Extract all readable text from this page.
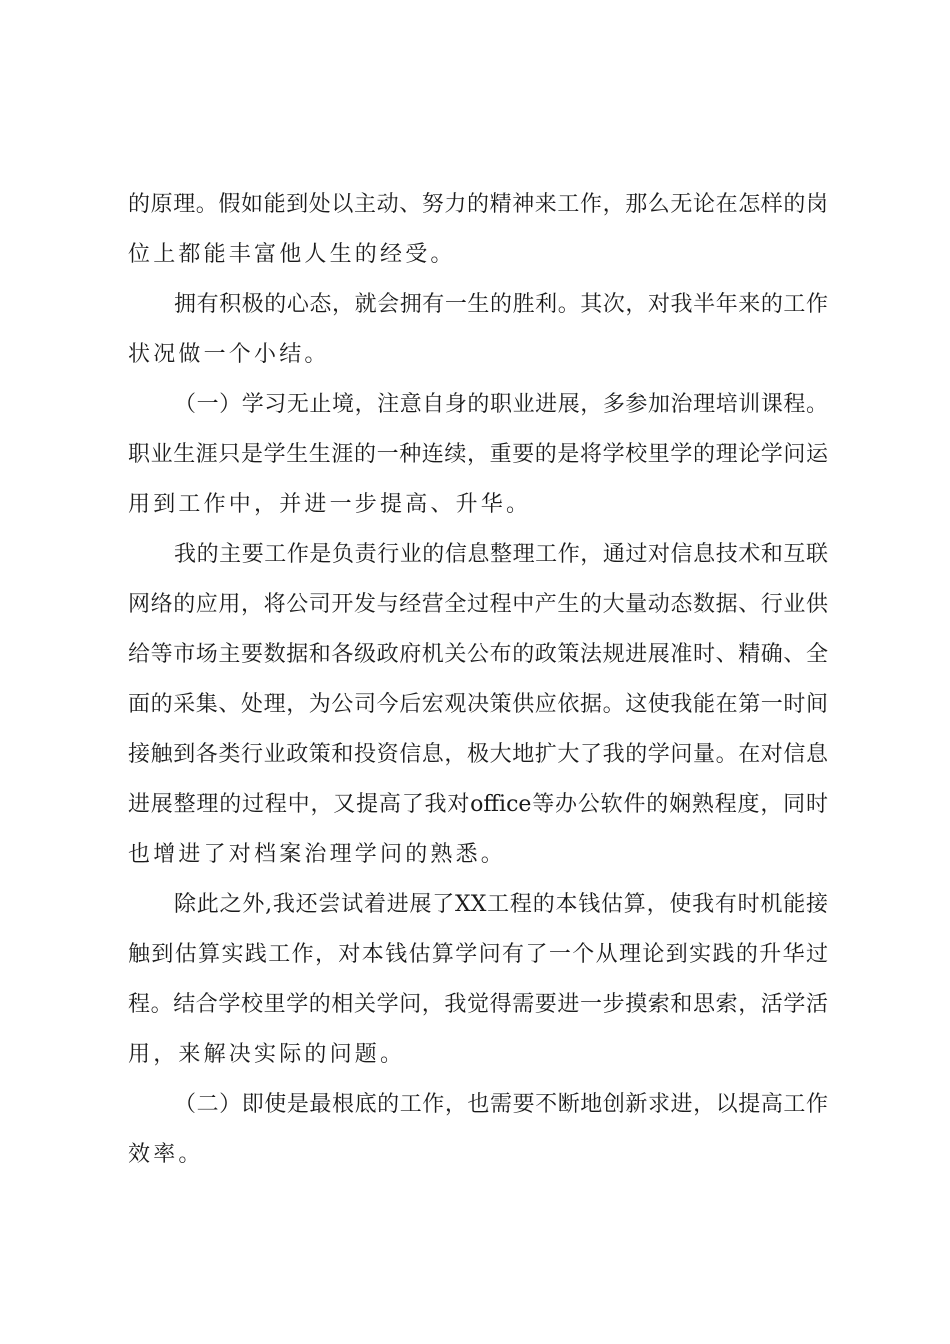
的原理。假如能到处以主动、努力的精神来工作，那么无论在怎样的岗
位上都能丰富他人生的经受。
拥有积极的心态，就会拥有一生的胜利。其次，对我半年来的工作
状况做一个小结。
（一）学习无止境，注意自身的职业进展，多参加治理培训课程。
职业生涯只是学生生涯的一种连续，重要的是将学校里学的理论学问运
用到工作中，并进一步提高、升华。
我的主要工作是负责行业的信息整理工作，通过对信息技术和互联
网络的应用，将公司开发与经营全过程中产生的大量动态数据、行业供
给等市场主要数据和各级政府机关公布的政策法规进展准时、精确、全
面的采集、处理，为公司今后宏观决策供应依据。这使我能在第一时间
接触到各类行业政策和投资信息，极大地扩大了我的学问量。在对信息
进展整理的过程中，又提高了我对office等办公软件的娴熟程度，同时
也增进了对档案治理学问的熟悉。
除此之外,我还尝试着进展了XX工程的本钱估算，使我有时机能接
触到估算实践工作，对本钱估算学问有了一个从理论到实践的升华过
程。结合学校里学的相关学问，我觉得需要进一步摸索和思索，活学活
用，来解决实际的问题。
（二）即使是最根底的工作，也需要不断地创新求进，以提高工作
效率。
